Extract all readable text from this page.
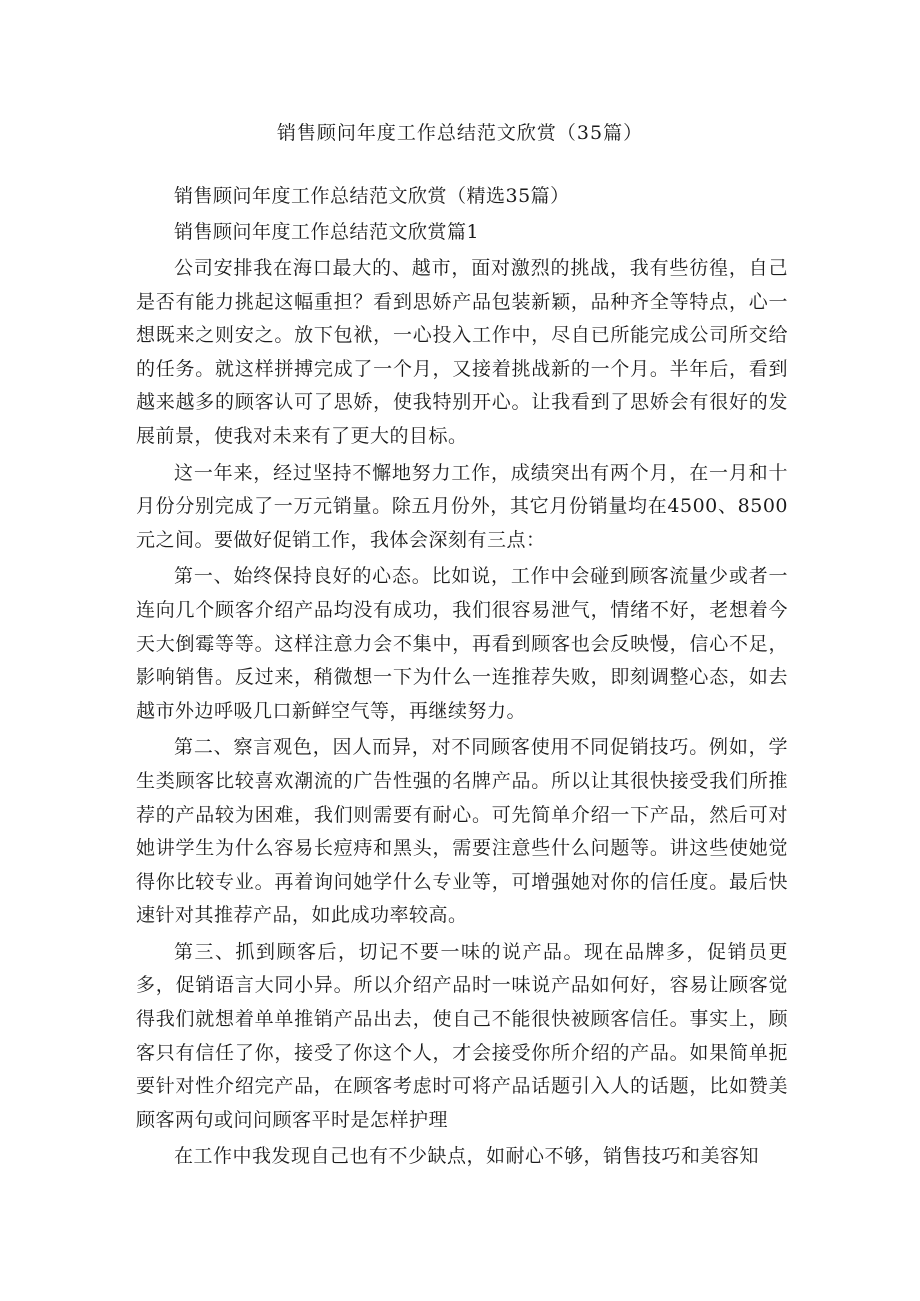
销售顾问年度工作总结范文欣赏（35篇）

销售顾问年度工作总结范文欣赏（精选35篇）

销售顾问年度工作总结范文欣赏篇1

公司安排我在海口最大的、越市，面对激烈的挑战，我有些彷徨，自己是否有能力挑起这幅重担？看到思娇产品包装新颖，品种齐全等特点，心一想既来之则安之。放下包袱，一心投入工作中，尽自已所能完成公司所交给的任务。就这样拼搏完成了一个月，又接着挑战新的一个月。半年后，看到越来越多的顾客认可了思娇，使我特别开心。让我看到了思娇会有很好的发展前景，使我对未来有了更大的目标。

这一年来，经过坚持不懈地努力工作，成绩突出有两个月，在一月和十月份分别完成了一万元销量。除五月份外，其它月份销量均在4500、8500元之间。要做好促销工作，我体会深刻有三点：

第一、始终保持良好的心态。比如说，工作中会碰到顾客流量少或者一连向几个顾客介绍产品均没有成功，我们很容易泄气，情绪不好，老想着今天大倒霉等等。这样注意力会不集中，再看到顾客也会反映慢，信心不足，影响销售。反过来，稍微想一下为什么一连推荐失败，即刻调整心态，如去越市外边呼吸几口新鲜空气等，再继续努力。

第二、察言观色，因人而异，对不同顾客使用不同促销技巧。例如，学生类顾客比较喜欢潮流的广告性强的名牌产品。所以让其很快接受我们所推荐的产品较为困难，我们则需要有耐心。可先简单介绍一下产品，然后可对她讲学生为什么容易长痘痔和黑头，需要注意些什么问题等。讲这些使她觉得你比较专业。再着询问她学什么专业等，可增强她对你的信任度。最后快速针对其推荐产品，如此成功率较高。

第三、抓到顾客后，切记不要一味的说产品。现在品牌多，促销员更多，促销语言大同小异。所以介绍产品时一味说产品如何好，容易让顾客觉得我们就想着单单推销产品出去，使自己不能很快被顾客信任。事实上，顾客只有信任了你，接受了你这个人，才会接受你所介绍的产品。如果简单扼要针对性介绍完产品，在顾客考虑时可将产品话题引入人的话题，比如赞美顾客两句或问问顾客平时是怎样护理

在工作中我发现自己也有不少缺点，如耐心不够，销售技巧和美容知
